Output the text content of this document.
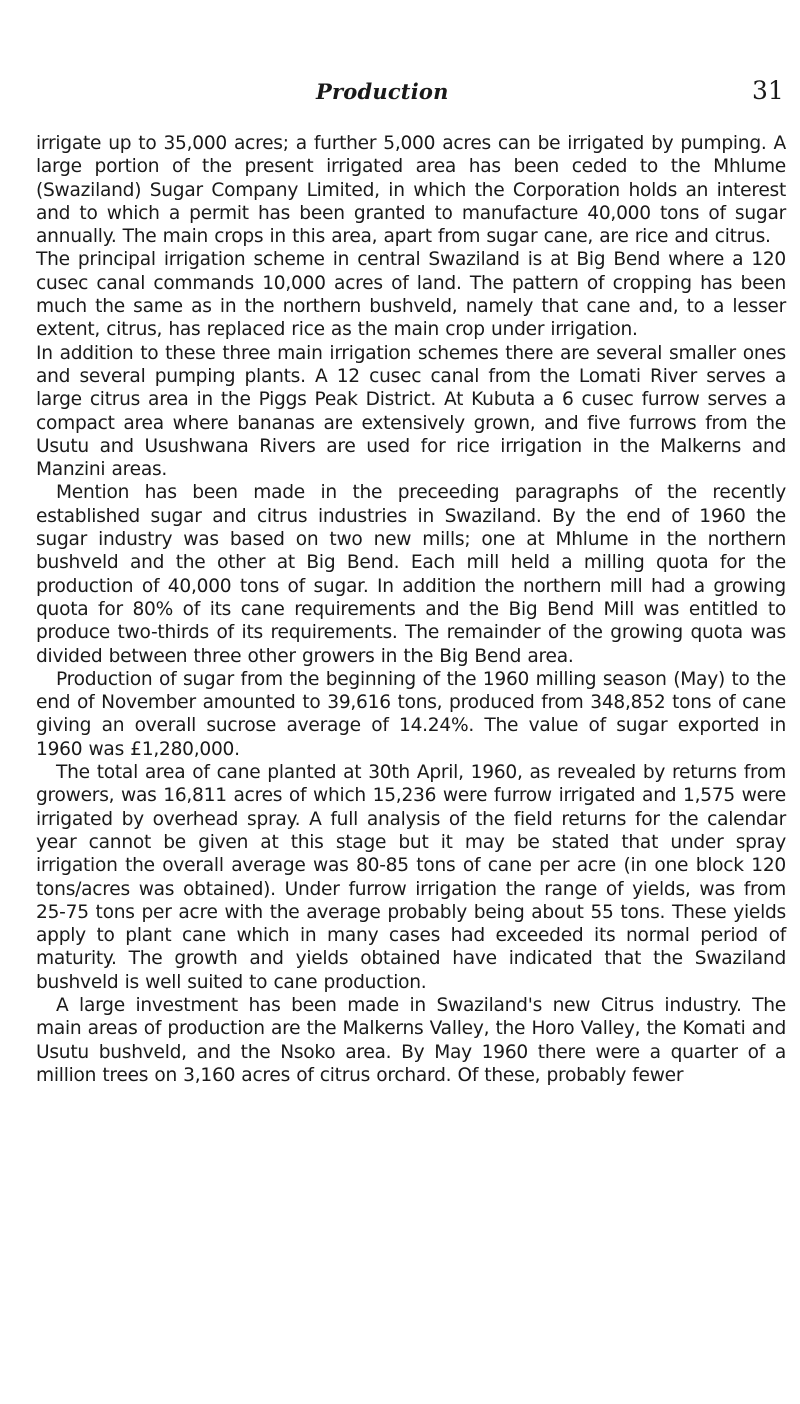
Production	31

irrigate up to 35,000 acres; a further 5,000 acres can be irrigated by pumping. A large portion of the present irrigated area has been ceded to the Mhlume (Swaziland) Sugar Company Limited, in which the Corporation holds an interest and to which a permit has been granted to manufacture 40,000 tons of sugar annually. The main crops in this area, apart from sugar cane, are rice and citrus.

The principal irrigation scheme in central Swaziland is at Big Bend where a 120 cusec canal commands 10,000 acres of land. The pattern of cropping has been much the same as in the northern bushveld, namely that cane and, to a lesser extent, citrus, has replaced rice as the main crop under irrigation.

In addition to these three main irrigation schemes there are several smaller ones and several pumping plants. A 12 cusec canal from the Lomati River serves a large citrus area in the Piggs Peak District. At Kubuta a 6 cusec furrow serves a compact area where bananas are extensively grown, and five furrows from the Usutu and Usushwana Rivers are used for rice irrigation in the Malkerns and Manzini areas.

Mention has been made in the preceeding paragraphs of the recently established sugar and citrus industries in Swaziland. By the end of 1960 the sugar industry was based on two new mills; one at Mhlume in the northern bushveld and the other at Big Bend. Each mill held a milling quota for the production of 40,000 tons of sugar. In addition the northern mill had a growing quota for 80% of its cane requirements and the Big Bend Mill was entitled to produce two-thirds of its requirements. The remainder of the growing quota was divided between three other growers in the Big Bend area.

Production of sugar from the beginning of the 1960 milling season (May) to the end of November amounted to 39,616 tons, produced from 348,852 tons of cane giving an overall sucrose average of 14.24%. The value of sugar exported in 1960 was £1,280,000.

The total area of cane planted at 30th April, 1960, as revealed by returns from growers, was 16,811 acres of which 15,236 were furrow irrigated and 1,575 were irrigated by overhead spray. A full analysis of the field returns for the calendar year cannot be given at this stage but it may be stated that under spray irrigation the overall average was 80-85 tons of cane per acre (in one block 120 tons/acres was obtained). Under furrow irrigation the range of yields, was from 25-75 tons per acre with the average probably being about 55 tons. These yields apply to plant cane which in many cases had exceeded its normal period of maturity. The growth and yields obtained have indicated that the Swaziland bushveld is well suited to cane production.

A large investment has been made in Swaziland's new Citrus industry. The main areas of production are the Malkerns Valley, the Horo Valley, the Komati and Usutu bushveld, and the Nsoko area. By May 1960 there were a quarter of a million trees on 3,160 acres of citrus orchard. Of these, probably fewer
